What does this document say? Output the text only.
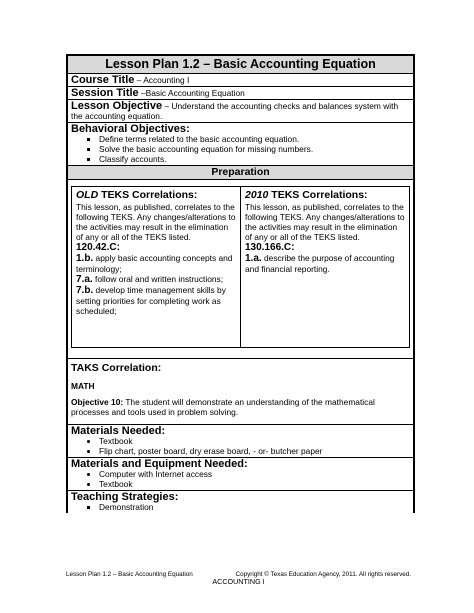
Lesson Plan 1.2 – Basic Accounting Equation
Course Title – Accounting I
Session Title –Basic Accounting Equation
Lesson Objective – Understand the accounting checks and balances system with the accounting equation.
Behavioral Objectives:
▪ Define terms related to the basic accounting equation.
▪ Solve the basic accounting equation for missing numbers.
▪ Classify accounts.
Preparation
OLD TEKS Correlations:
This lesson, as published, correlates to the following TEKS. Any changes/alterations to the activities may result in the elimination of any or all of the TEKS listed.
120.42.C:
1.b. apply basic accounting concepts and terminology;
7.a. follow oral and written instructions;
7.b. develop time management skills by setting priorities for completing work as scheduled;
2010 TEKS Correlations:
This lesson, as published, correlates to the following TEKS. Any changes/alterations to the activities may result in the elimination of any or all of the TEKS listed.
130.166.C:
1.a. describe the purpose of accounting and financial reporting.
TAKS Correlation:
MATH
Objective 10: The student will demonstrate an understanding of the mathematical processes and tools used in problem solving.
Materials Needed:
• Textbook
• Flip chart, poster board, dry erase board, - or- butcher paper
Materials and Equipment Needed:
• Computer with Internet access
• Textbook
Teaching Strategies:
▪ Demonstration
Lesson Plan 1.2 – Basic Accounting Equation	Copyright © Texas Education Agency, 2011. All rights reserved.
ACCOUNTING I
